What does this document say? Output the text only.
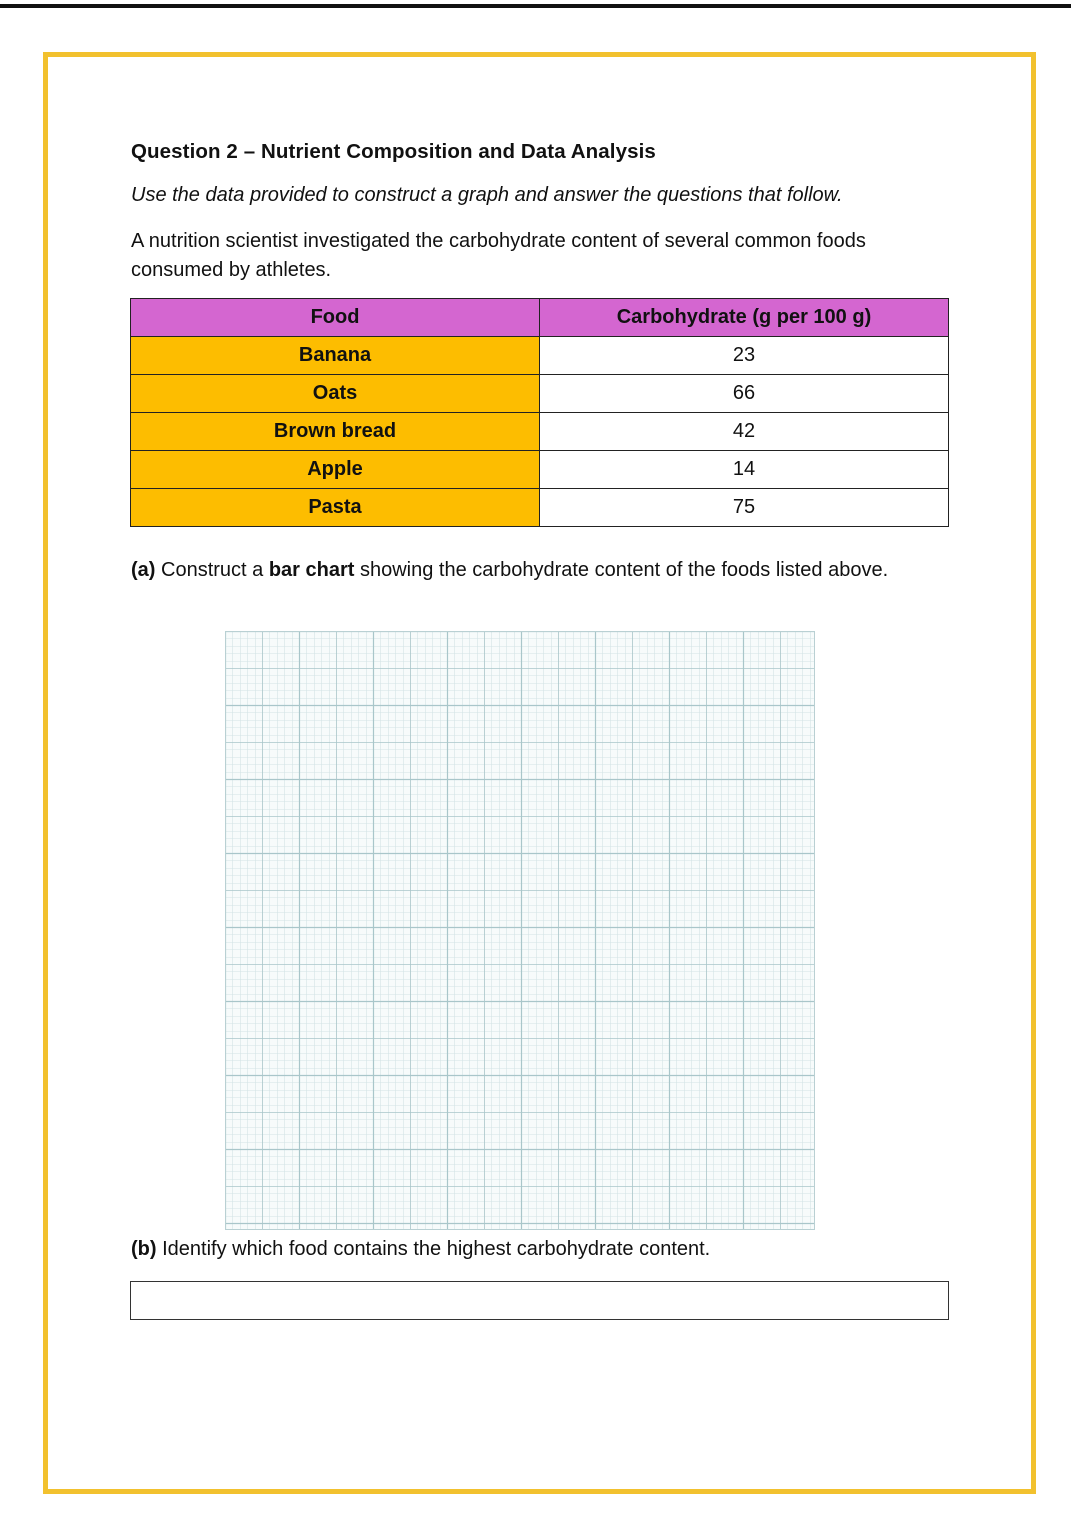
Question 2 – Nutrient Composition and Data Analysis
Use the data provided to construct a graph and answer the questions that follow.
A nutrition scientist investigated the carbohydrate content of several common foods consumed by athletes.
Food	Carbohydrate (g per 100 g)
Banana	23
Oats	66
Brown bread	42
Apple	14
Pasta	75
(a) Construct a bar chart showing the carbohydrate content of the foods listed above.
(b) Identify which food contains the highest carbohydrate content.
